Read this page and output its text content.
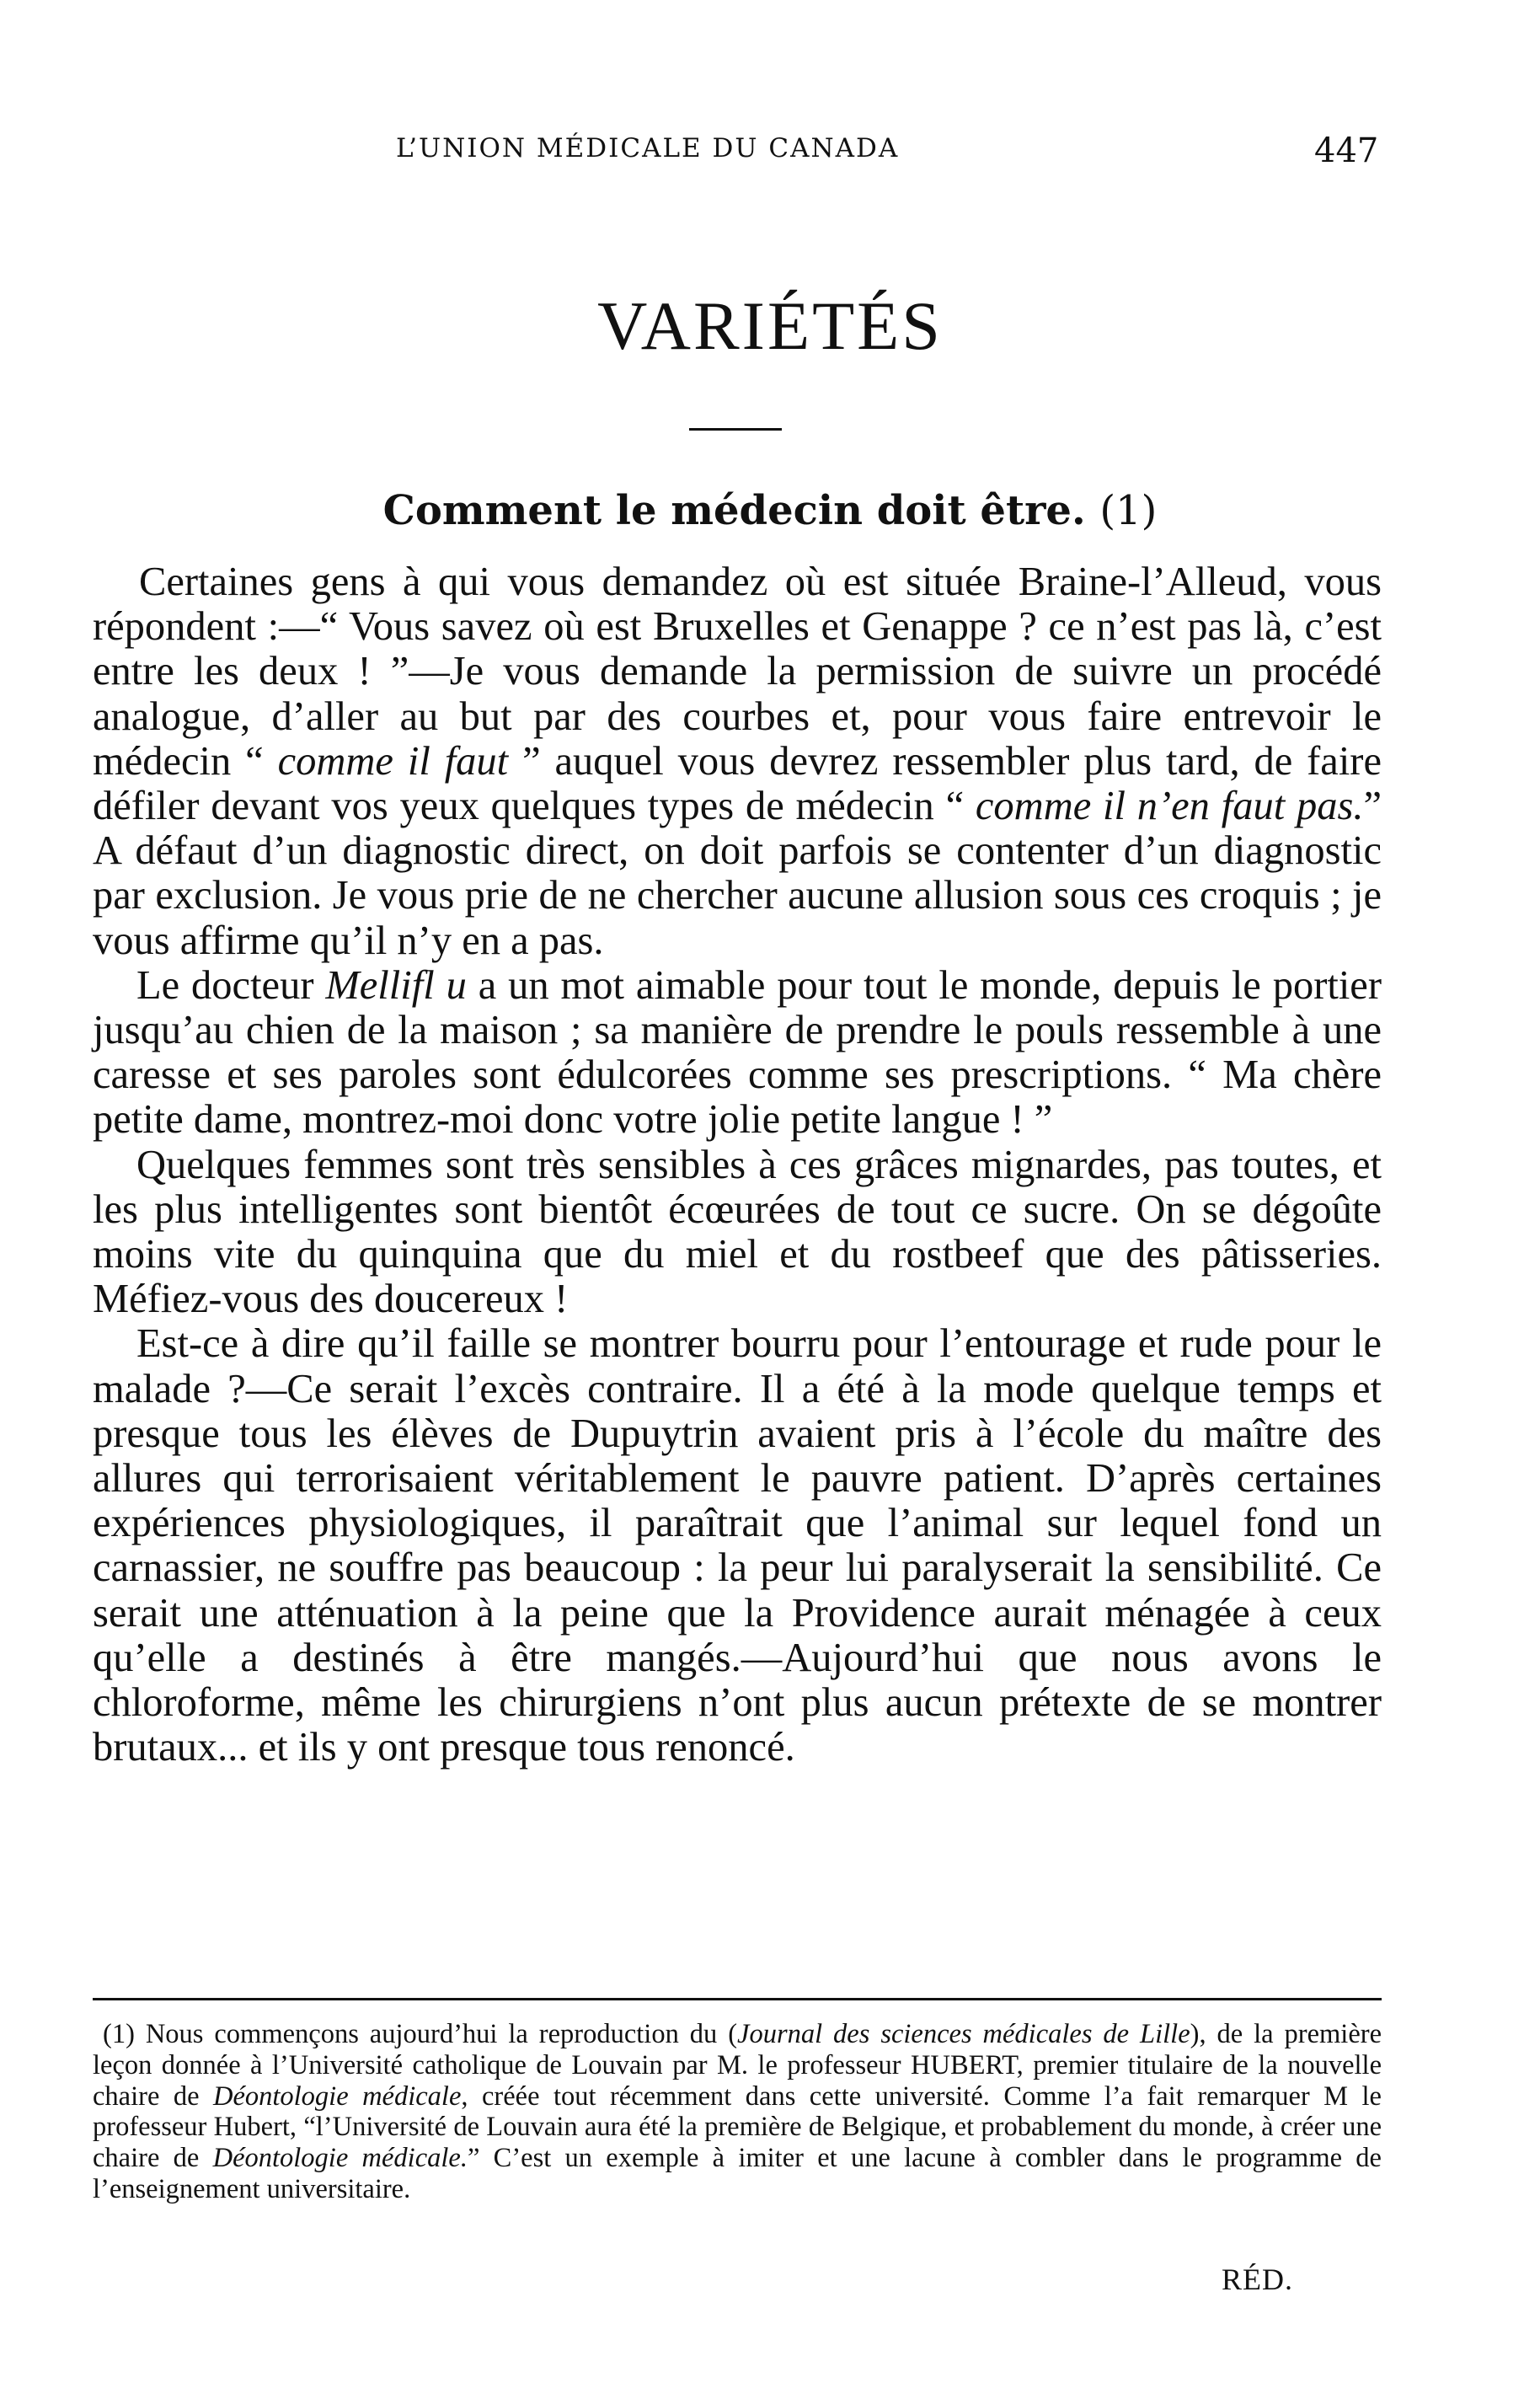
L’UNION MÉDICALE DU CANADA	447
VARIÉTÉS
Comment le médecin doit être. (1)

Certaines gens à qui vous demandez où est située Braine-l’Alleud, vous répondent :—“ Vous savez où est Bruxelles et Genappe ? ce n’est pas là, c’est entre les deux ! ”—Je vous demande la permission de suivre un procédé analogue, d’aller au but par des courbes et, pour vous faire entrevoir le médecin “ comme il faut ” auquel vous devrez ressembler plus tard, de faire défiler devant vos yeux quelques types de médecin “ comme il n’en faut pas.” A défaut d’un diagnostic direct, on doit parfois se contenter d’un diagnostic par exclusion. Je vous prie de ne chercher aucune allusion sous ces croquis ; je vous affirme qu’il n’y en a pas.

Le docteur Mellifl u a un mot aimable pour tout le monde, depuis le portier jusqu’au chien de la maison ; sa manière de prendre le pouls ressemble à une caresse et ses paroles sont édulcorées comme ses prescriptions. “ Ma chère petite dame, montrez-moi donc votre jolie petite langue ! ”

Quelques femmes sont très sensibles à ces grâces mignardes, pas toutes, et les plus intelligentes sont bientôt écœurées de tout ce sucre. On se dégoûte moins vite du quinquina que du miel et du rostbeef que des pâtisseries. Méfiez-vous des doucereux !

Est-ce à dire qu’il faille se montrer bourru pour l’entourage et rude pour le malade ?—Ce serait l’excès contraire. Il a été à la mode quelque temps et presque tous les élèves de Dupuytrin avaient pris à l’école du maître des allures qui terrorisaient véritablement le pauvre patient. D’après certaines expériences physiologiques, il paraîtrait que l’animal sur lequel fond un carnassier, ne souffre pas beaucoup : la peur lui paralyserait la sensibilité. Ce serait une atténuation à la peine que la Providence aurait ménagée à ceux qu’elle a destinés à être mangés.—Aujourd’hui que nous avons le chloroforme, même les chirurgiens n’ont plus aucun prétexte de se montrer brutaux... et ils y ont presque tous renoncé.

(1) Nous commençons aujourd’hui la reproduction du (Journal des sciences médicales de Lille), de la première leçon donnée à l’Université catholique de Louvain par M. le professeur HUBERT, premier titulaire de la nouvelle chaire de Déontologie médicale, créée tout récemment dans cette université. Comme l’a fait remarquer M le professeur Hubert, “l’Université de Louvain aura été la première de Belgique, et probablement du monde, à créer une chaire de Déontologie médicale.” C’est un exemple à imiter et une lacune à combler dans le programme de l’enseignement universitaire.
RÉD.
